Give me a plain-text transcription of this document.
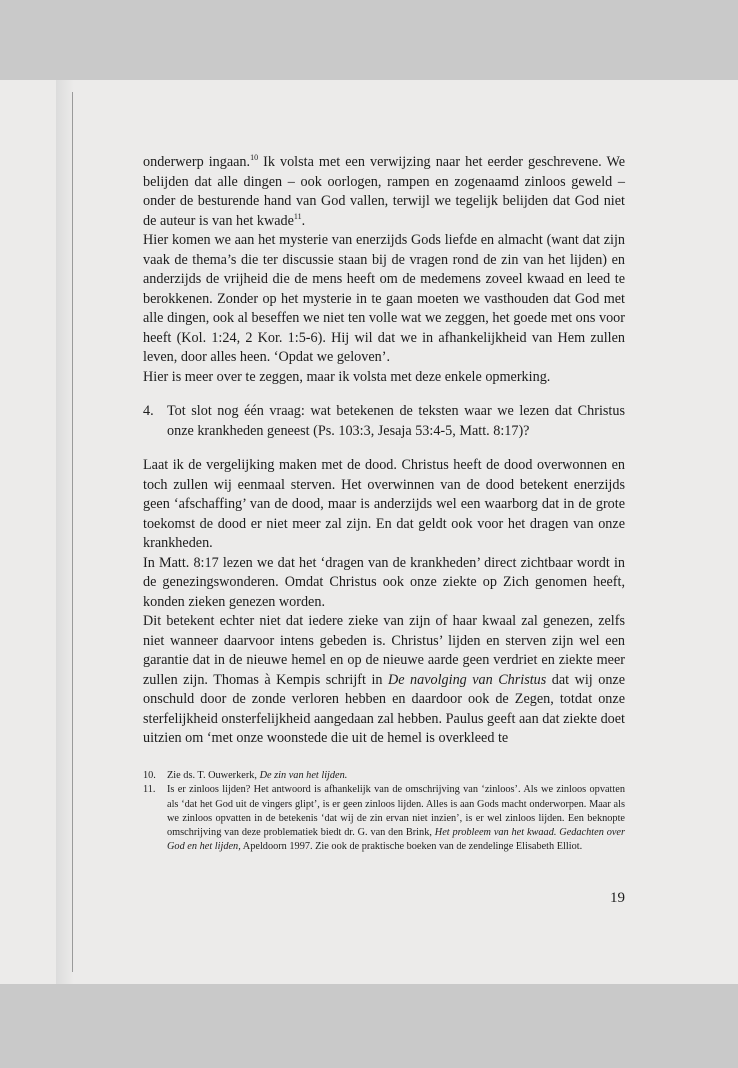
onderwerp ingaan.$^{10}$ Ik volsta met een verwijzing naar het eerder geschrevene. We belijden dat alle dingen – ook oorlogen, rampen en zogenaamd zinloos geweld – onder de besturende hand van God vallen, terwijl we tegelijk belijden dat God niet de auteur is van het kwade$^{11}$.

Hier komen we aan het mysterie van enerzijds Gods liefde en almacht (want dat zijn vaak de thema’s die ter discussie staan bij de vragen rond de zin van het lijden) en anderzijds de vrijheid die de mens heeft om de medemens zoveel kwaad en leed te berokkenen. Zonder op het mysterie in te gaan moeten we vasthouden dat God met alle dingen, ook al beseffen we niet ten volle wat we zeggen, het goede met ons voor heeft (Kol. 1:24, 2 Kor. 1:5-6). Hij wil dat we in afhankelijkheid van Hem zullen leven, door alles heen. ‘Opdat we geloven’.

Hier is meer over te zeggen, maar ik volsta met deze enkele opmerking.

4. Tot slot nog één vraag: wat betekenen de teksten waar we lezen dat Christus onze krankheden geneest (Ps. 103:3, Jesaja 53:4-5, Matt. 8:17)?

Laat ik de vergelijking maken met de dood. Christus heeft de dood overwonnen en toch zullen wij eenmaal sterven. Het overwinnen van de dood betekent enerzijds geen ‘afschaffing’ van de dood, maar is anderzijds wel een waarborg dat in de grote toekomst de dood er niet meer zal zijn. En dat geldt ook voor het dragen van onze krankheden.

In Matt. 8:17 lezen we dat het ‘dragen van de krankheden’ direct zichtbaar wordt in de genezingswonderen. Omdat Christus ook onze ziekte op Zich genomen heeft, konden zieken genezen worden.

Dit betekent echter niet dat iedere zieke van zijn of haar kwaal zal genezen, zelfs niet wanneer daarvoor intens gebeden is. Christus’ lijden en sterven zijn wel een garantie dat in de nieuwe hemel en op de nieuwe aarde geen verdriet en ziekte meer zullen zijn. Thomas à Kempis schrijft in De navolging van Christus dat wij onze onschuld door de zonde verloren hebben en daardoor ook de Zegen, totdat onze sterfelijkheid onsterfelijkheid aangedaan zal hebben. Paulus geeft aan dat ziekte doet uitzien om ‘met onze woonstede die uit de hemel is overkleed te

10.	Zie ds. T. Ouwerkerk, De zin van het lijden.
11.	Is er zinloos lijden? Het antwoord is afhankelijk van de omschrijving van ‘zinloos’. Als we zinloos opvatten als ‘dat het God uit de vingers glipt’, is er geen zinloos lijden. Alles is aan Gods macht onderworpen. Maar als we zinloos opvatten in de betekenis ‘dat wij de zin ervan niet inzien’, is er wel zinloos lijden. Een beknopte omschrijving van deze problematiek biedt dr. G. van den Brink, Het probleem van het kwaad. Gedachten over God en het lijden, Apeldoorn 1997. Zie ook de praktische boeken van de zendelinge Elisabeth Elliot.
19
